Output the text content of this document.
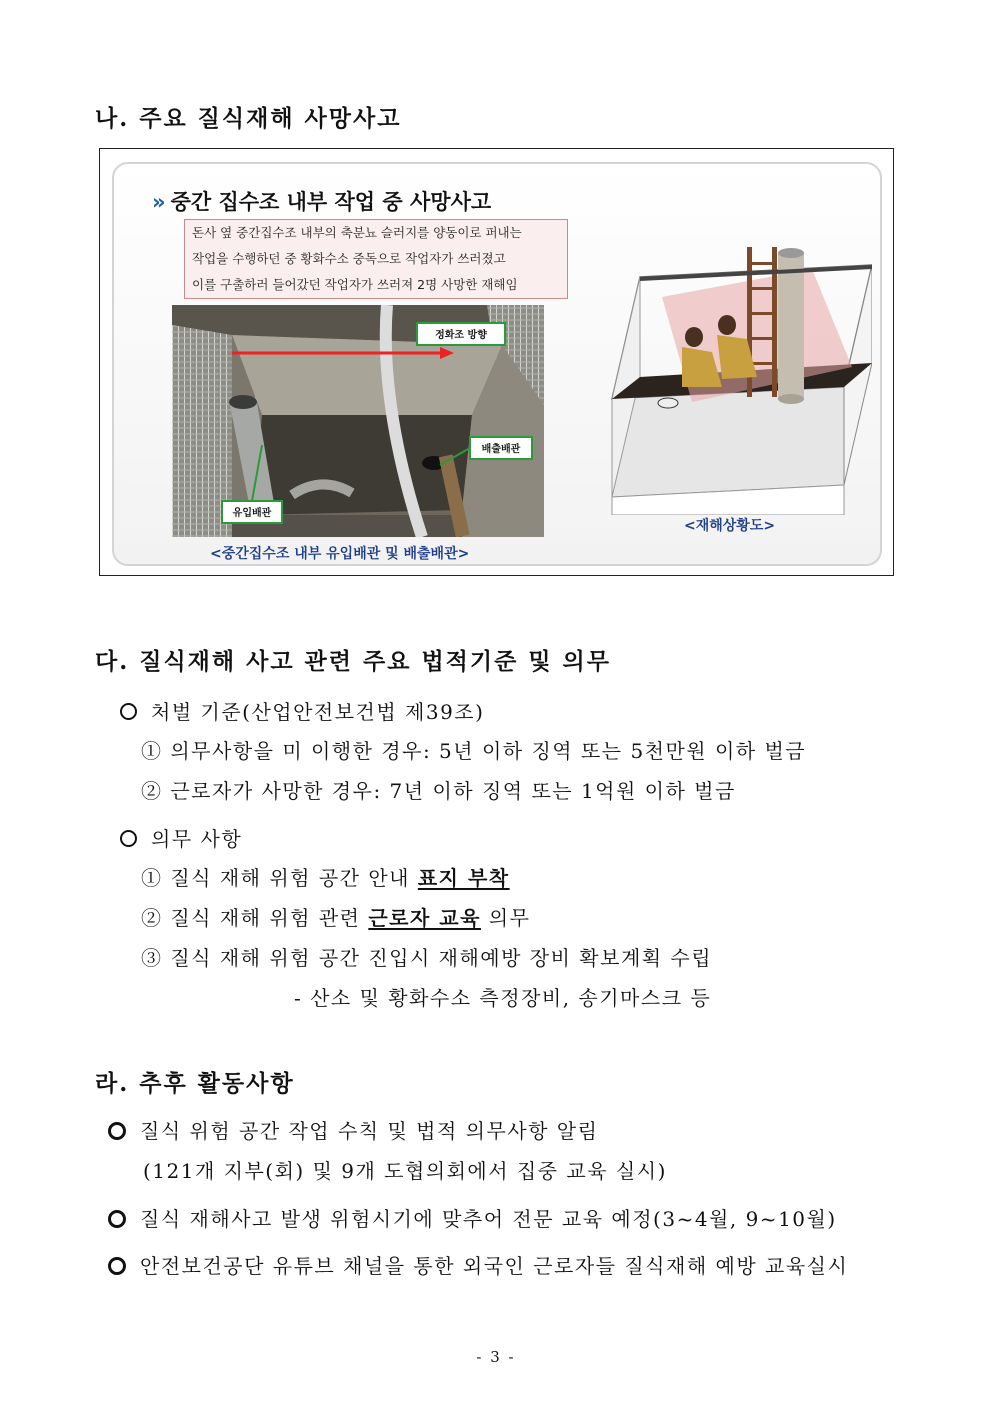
나. 주요 질식재해 사망사고
» 중간 집수조 내부 작업 중 사망사고
돈사 옆 중간집수조 내부의 축분뇨 슬러지를 양동이로 퍼내는
작업을 수행하던 중 황화수소 중독으로 작업자가 쓰러졌고
이를 구출하러 들어갔던 작업자가 쓰러져 2명 사망한 재해임
정화조 방향
배출배관
유입배관
<중간집수조 내부 유입배관 및 배출배관>
<재해상황도>
다. 질식재해 사고 관련 주요 법적기준 및 의무
처벌 기준(산업안전보건법 제39조)
① 의무사항을 미 이행한 경우: 5년 이하 징역 또는 5천만원 이하 벌금
② 근로자가 사망한 경우: 7년 이하 징역 또는 1억원 이하 벌금
의무 사항
① 질식 재해 위험 공간 안내 표지 부착
② 질식 재해 위험 관련 근로자 교육 의무
③ 질식 재해 위험 공간 진입시 재해예방 장비 확보계획 수립
- 산소 및 황화수소 측정장비, 송기마스크 등
라. 추후 활동사항
질식 위험 공간 작업 수칙 및 법적 의무사항 알림
(121개 지부(회) 및 9개 도협의회에서 집중 교육 실시)
질식 재해사고 발생 위험시기에 맞추어 전문 교육 예정(3~4월, 9~10월)
안전보건공단 유튜브 채널을 통한 외국인 근로자들 질식재해 예방 교육실시
- 3 -
